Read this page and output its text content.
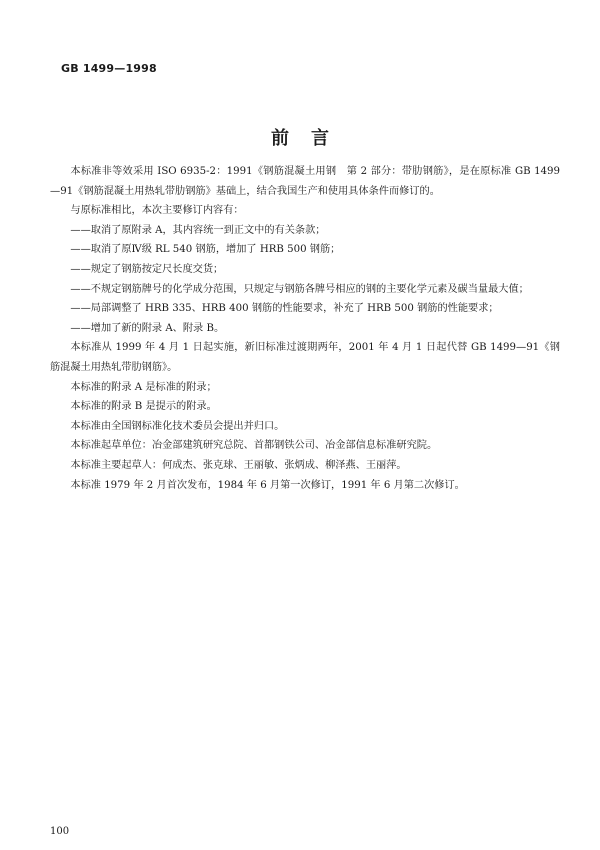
GB 1499—1998
前言

本标准非等效采用 ISO 6935-2：1991《钢筋混凝土用钢　第 2 部分：带肋钢筋》，是在原标准 GB 1499—91《钢筋混凝土用热轧带肋钢筋》基础上，结合我国生产和使用具体条件而修订的。

与原标准相比，本次主要修订内容有：

——取消了原附录 A，其内容统一到正文中的有关条款；

——取消了原Ⅳ级 RL 540 钢筋，增加了 HRB 500 钢筋；

——规定了钢筋按定尺长度交货；

——不规定钢筋牌号的化学成分范围，只规定与钢筋各牌号相应的钢的主要化学元素及碳当量最大值；

——局部调整了 HRB 335、HRB 400 钢筋的性能要求，补充了 HRB 500 钢筋的性能要求；

——增加了新的附录 A、附录 B。

本标准从 1999 年 4 月 1 日起实施，新旧标准过渡期两年，2001 年 4 月 1 日起代替 GB 1499—91《钢筋混凝土用热轧带肋钢筋》。

本标准的附录 A 是标准的附录；

本标准的附录 B 是提示的附录。

本标准由全国钢标准化技术委员会提出并归口。

本标准起草单位：冶金部建筑研究总院、首都钢铁公司、冶金部信息标准研究院。

本标准主要起草人：何成杰、张克球、王丽敏、张炳成、柳泽燕、王丽萍。

本标准 1979 年 2 月首次发布，1984 年 6 月第一次修订，1991 年 6 月第二次修订。

100
